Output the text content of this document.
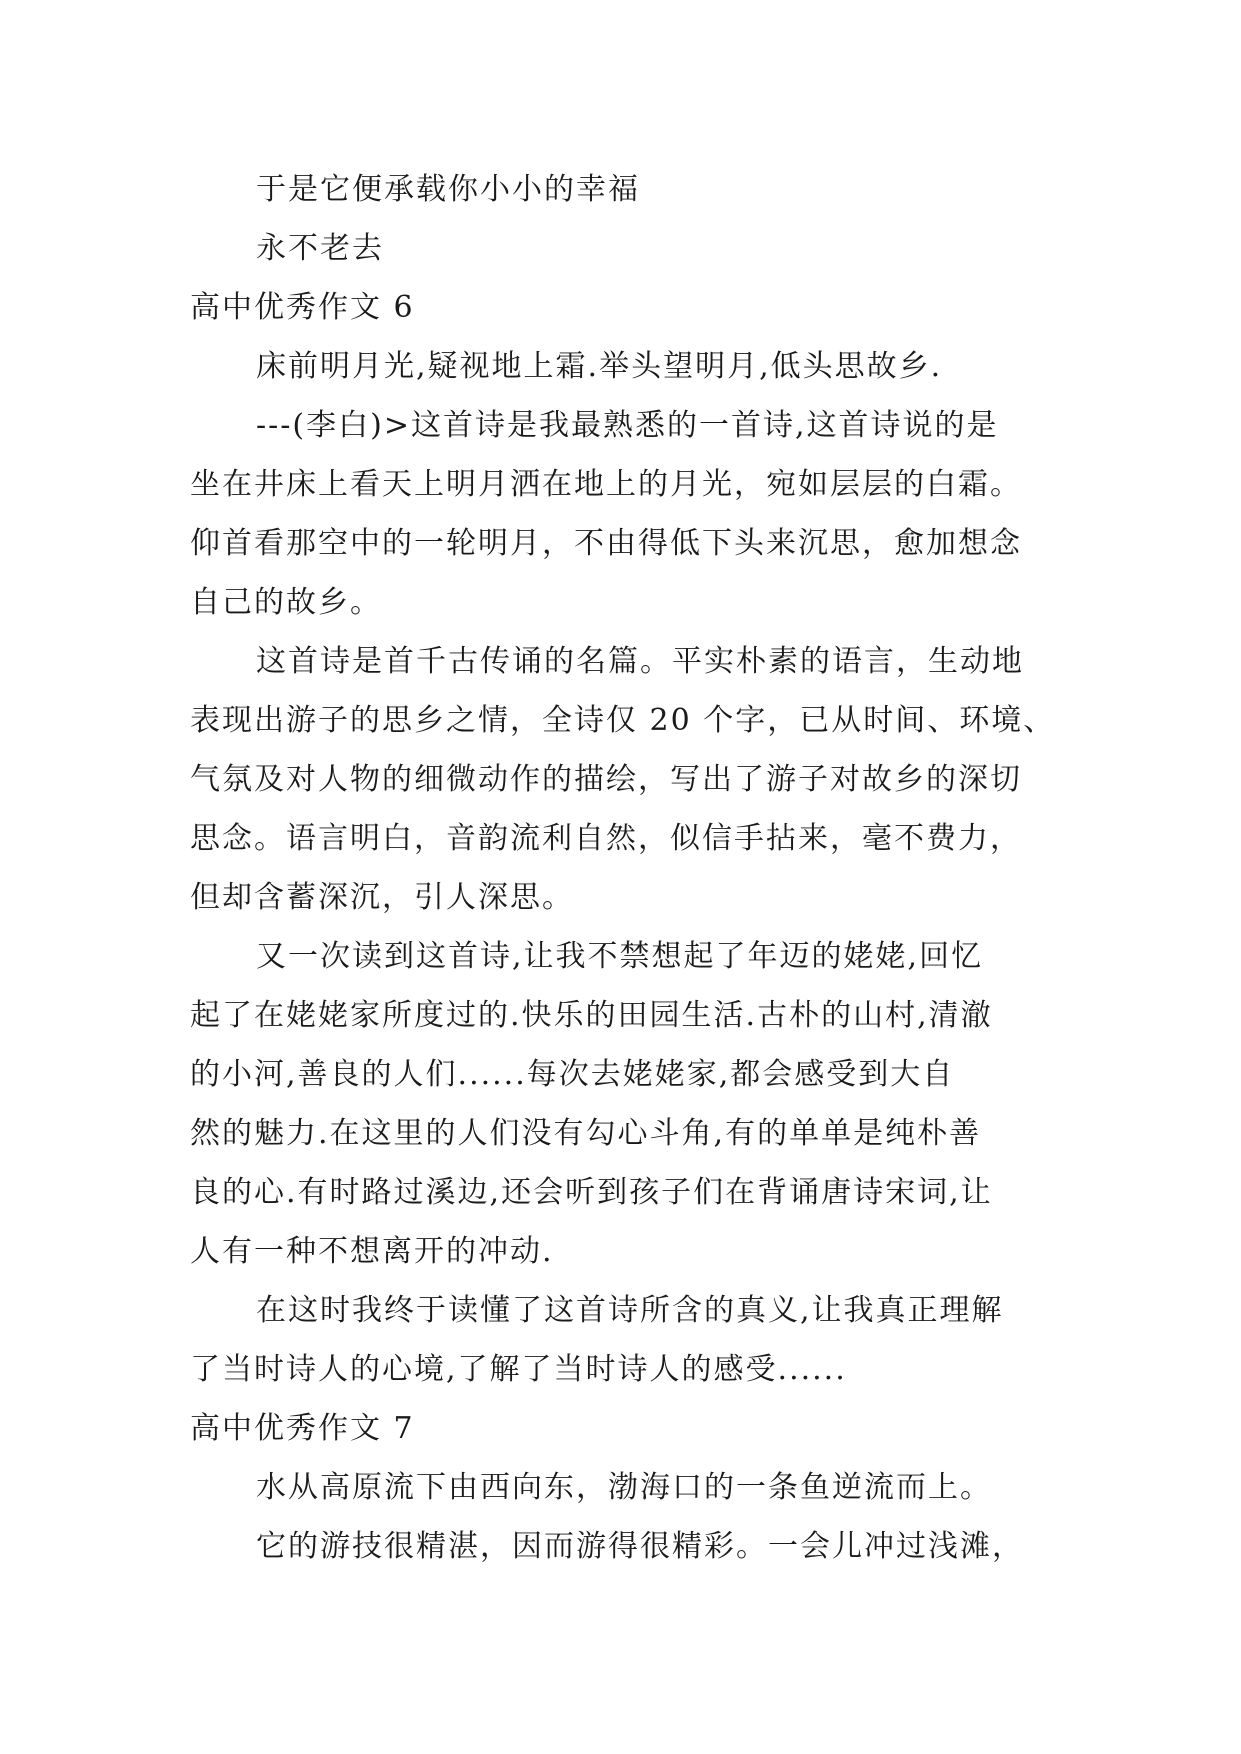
于是它便承载你小小的幸福
永不老去
高中优秀作文 6
床前明月光,疑视地上霜.举头望明月,低头思故乡.
---(李白)>这首诗是我最熟悉的一首诗,这首诗说的是
坐在井床上看天上明月洒在地上的月光，宛如层层的白霜。
仰首看那空中的一轮明月，不由得低下头来沉思，愈加想念
自己的故乡。
这首诗是首千古传诵的名篇。平实朴素的语言，生动地
表现出游子的思乡之情，全诗仅 20 个字，已从时间、环境、
气氛及对人物的细微动作的描绘，写出了游子对故乡的深切
思念。语言明白，音韵流利自然，似信手拈来，毫不费力，
但却含蓄深沉，引人深思。
又一次读到这首诗,让我不禁想起了年迈的姥姥,回忆
起了在姥姥家所度过的.快乐的田园生活.古朴的山村,清澈
的小河,善良的人们......每次去姥姥家,都会感受到大自
然的魅力.在这里的人们没有勾心斗角,有的单单是纯朴善
良的心.有时路过溪边,还会听到孩子们在背诵唐诗宋词,让
人有一种不想离开的冲动.
在这时我终于读懂了这首诗所含的真义,让我真正理解
了当时诗人的心境,了解了当时诗人的感受......
高中优秀作文 7
水从高原流下由西向东，渤海口的一条鱼逆流而上。
它的游技很精湛，因而游得很精彩。一会儿冲过浅滩，
